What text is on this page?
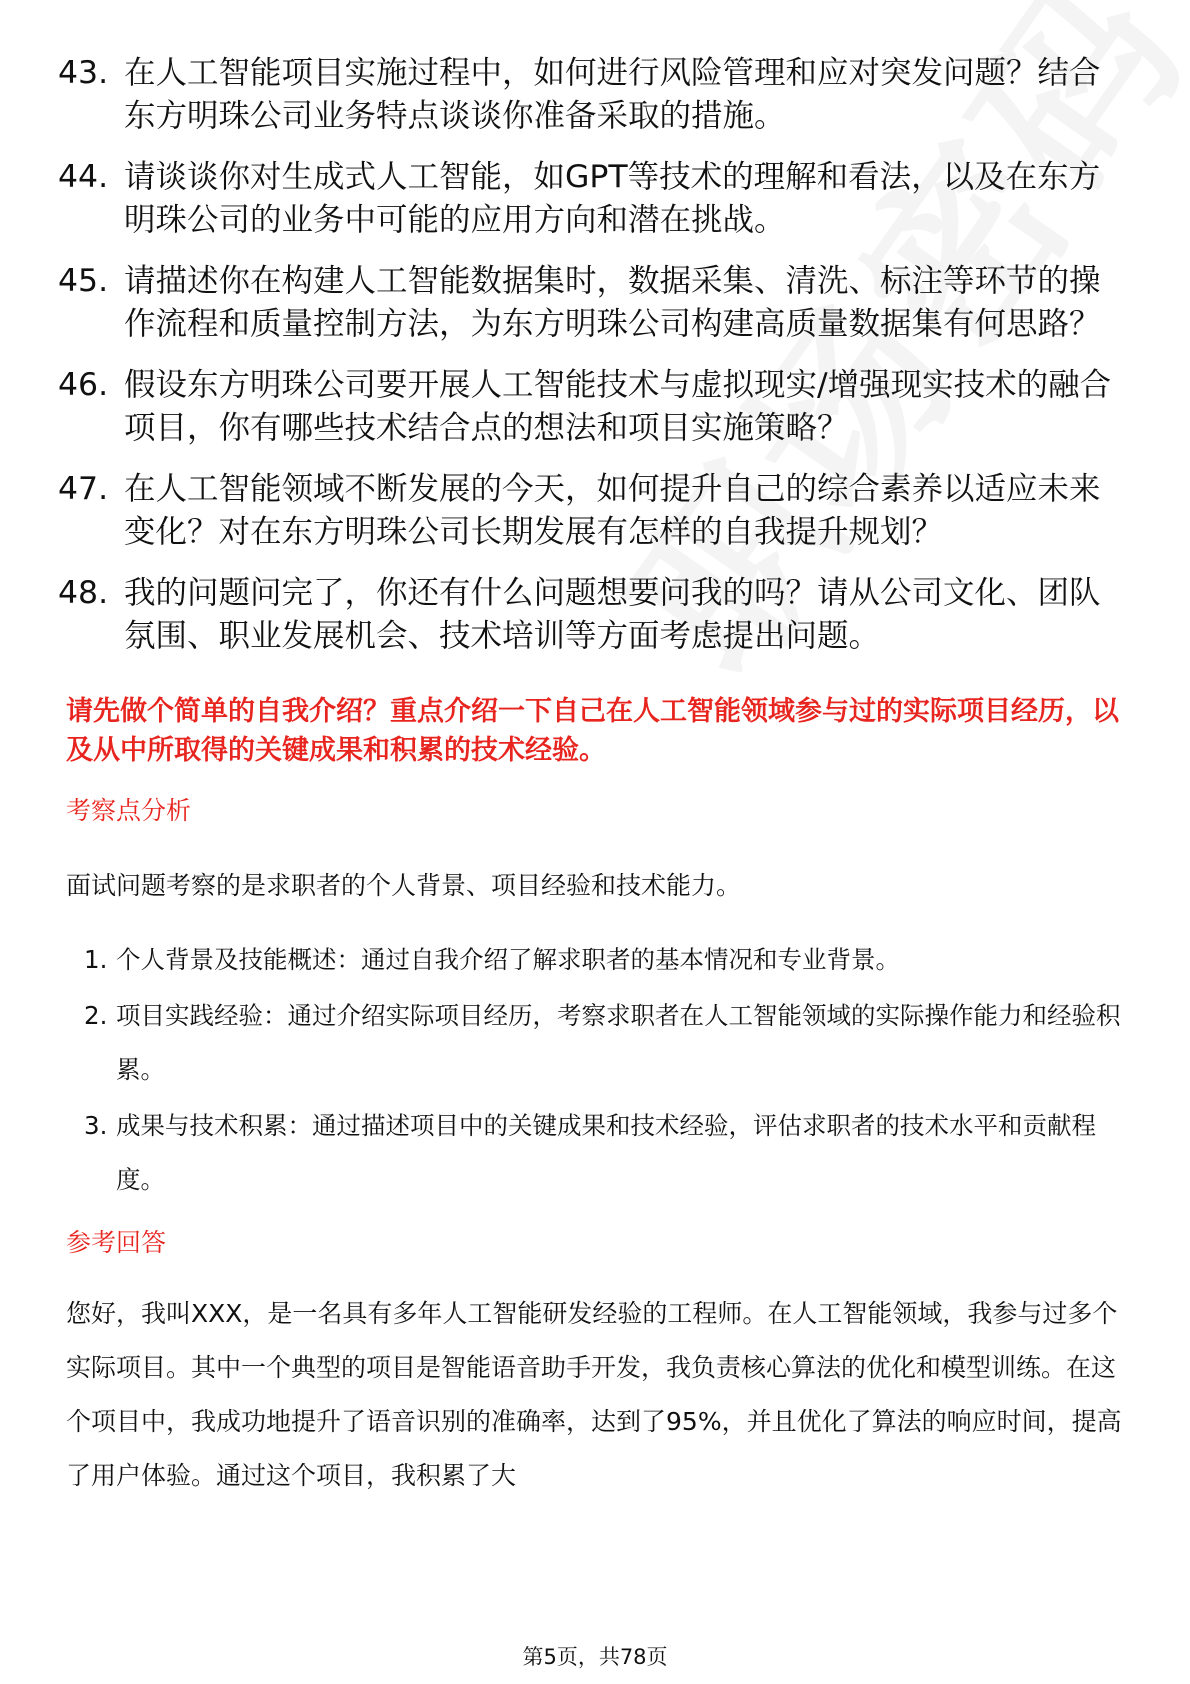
43. 在人工智能项目实施过程中，如何进行风险管理和应对突发问题？结合东方明珠公司业务特点谈谈你准备采取的措施。
44. 请谈谈你对生成式人工智能，如GPT等技术的理解和看法，以及在东方明珠公司的业务中可能的应用方向和潜在挑战。
45. 请描述你在构建人工智能数据集时，数据采集、清洗、标注等环节的操作流程和质量控制方法，为东方明珠公司构建高质量数据集有何思路？
46. 假设东方明珠公司要开展人工智能技术与虚拟现实/增强现实技术的融合项目，你有哪些技术结合点的想法和项目实施策略？
47. 在人工智能领域不断发展的今天，如何提升自己的综合素养以适应未来变化？对在东方明珠公司长期发展有怎样的自我提升规划？
48. 我的问题问完了，你还有什么问题想要问我的吗？请从公司文化、团队氛围、职业发展机会、技术培训等方面考虑提出问题。
请先做个简单的自我介绍？重点介绍一下自己在人工智能领域参与过的实际项目经历，以及从中所取得的关键成果和积累的技术经验。
考察点分析
面试问题考察的是求职者的个人背景、项目经验和技术能力。
1. 个人背景及技能概述：通过自我介绍了解求职者的基本情况和专业背景。
2. 项目实践经验：通过介绍实际项目经历，考察求职者在人工智能领域的实际操作能力和经验积累。
3. 成果与技术积累：通过描述项目中的关键成果和技术经验，评估求职者的技术水平和贡献程度。
参考回答
您好，我叫XXX，是一名具有多年人工智能研发经验的工程师。在人工智能领域，我参与过多个实际项目。其中一个典型的项目是智能语音助手开发，我负责核心算法的优化和模型训练。在这个项目中，我成功地提升了语音识别的准确率，达到了95%，并且优化了算法的响应时间，提高了用户体验。通过这个项目，我积累了大
第5页，共78页
